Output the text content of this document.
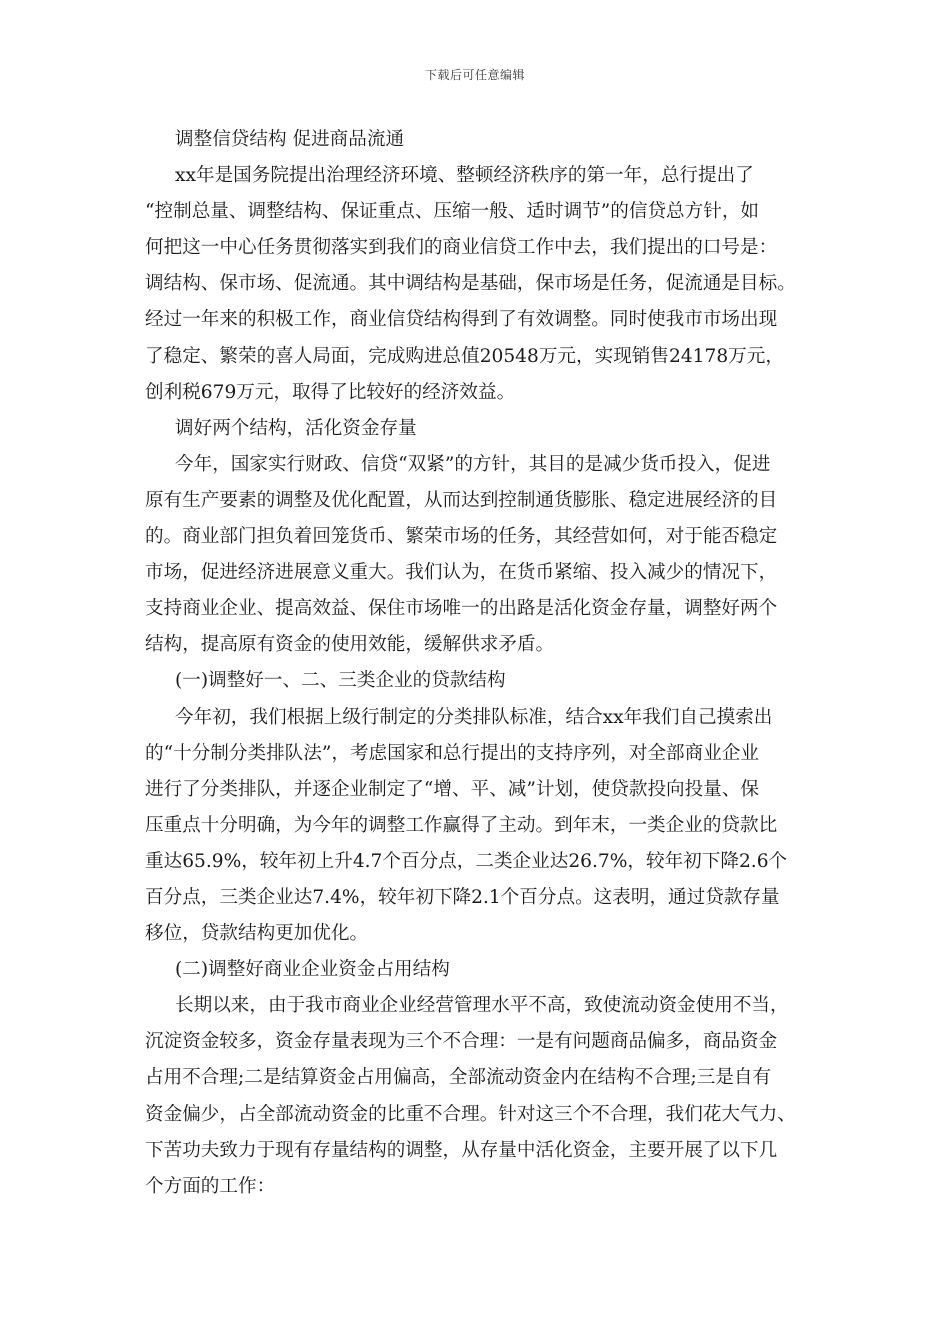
下载后可任意编辑
调整信贷结构 促进商品流通
xx年是国务院提出治理经济环境、整顿经济秩序的第一年，总行提出了
“控制总量、调整结构、保证重点、压缩一般、适时调节”的信贷总方针，如
何把这一中心任务贯彻落实到我们的商业信贷工作中去，我们提出的口号是：
调结构、保市场、促流通。其中调结构是基础，保市场是任务，促流通是目标。
经过一年来的积极工作，商业信贷结构得到了有效调整。同时使我市市场出现
了稳定、繁荣的喜人局面，完成购进总值20548万元，实现销售24178万元，
创利税679万元，取得了比较好的经济效益。
调好两个结构，活化资金存量
今年，国家实行财政、信贷“双紧”的方针，其目的是减少货币投入，促进
原有生产要素的调整及优化配置，从而达到控制通货膨胀、稳定进展经济的目
的。商业部门担负着回笼货币、繁荣市场的任务，其经营如何，对于能否稳定
市场，促进经济进展意义重大。我们认为，在货币紧缩、投入减少的情况下，
支持商业企业、提高效益、保住市场唯一的出路是活化资金存量，调整好两个
结构，提高原有资金的使用效能，缓解供求矛盾。
(一)调整好一、二、三类企业的贷款结构
今年初，我们根据上级行制定的分类排队标准，结合xx年我们自己摸索出
的“十分制分类排队法”，考虑国家和总行提出的支持序列，对全部商业企业
进行了分类排队，并逐企业制定了“增、平、减”计划，使贷款投向投量、保
压重点十分明确，为今年的调整工作赢得了主动。到年末，一类企业的贷款比
重达65.9%，较年初上升4.7个百分点，二类企业达26.7%，较年初下降2.6个
百分点，三类企业达7.4%，较年初下降2.1个百分点。这表明，通过贷款存量
移位，贷款结构更加优化。
(二)调整好商业企业资金占用结构
长期以来，由于我市商业企业经营管理水平不高，致使流动资金使用不当，
沉淀资金较多，资金存量表现为三个不合理：一是有问题商品偏多，商品资金
占用不合理;二是结算资金占用偏高，全部流动资金内在结构不合理;三是自有
资金偏少，占全部流动资金的比重不合理。针对这三个不合理，我们花大气力、
下苦功夫致力于现有存量结构的调整，从存量中活化资金，主要开展了以下几
个方面的工作：
